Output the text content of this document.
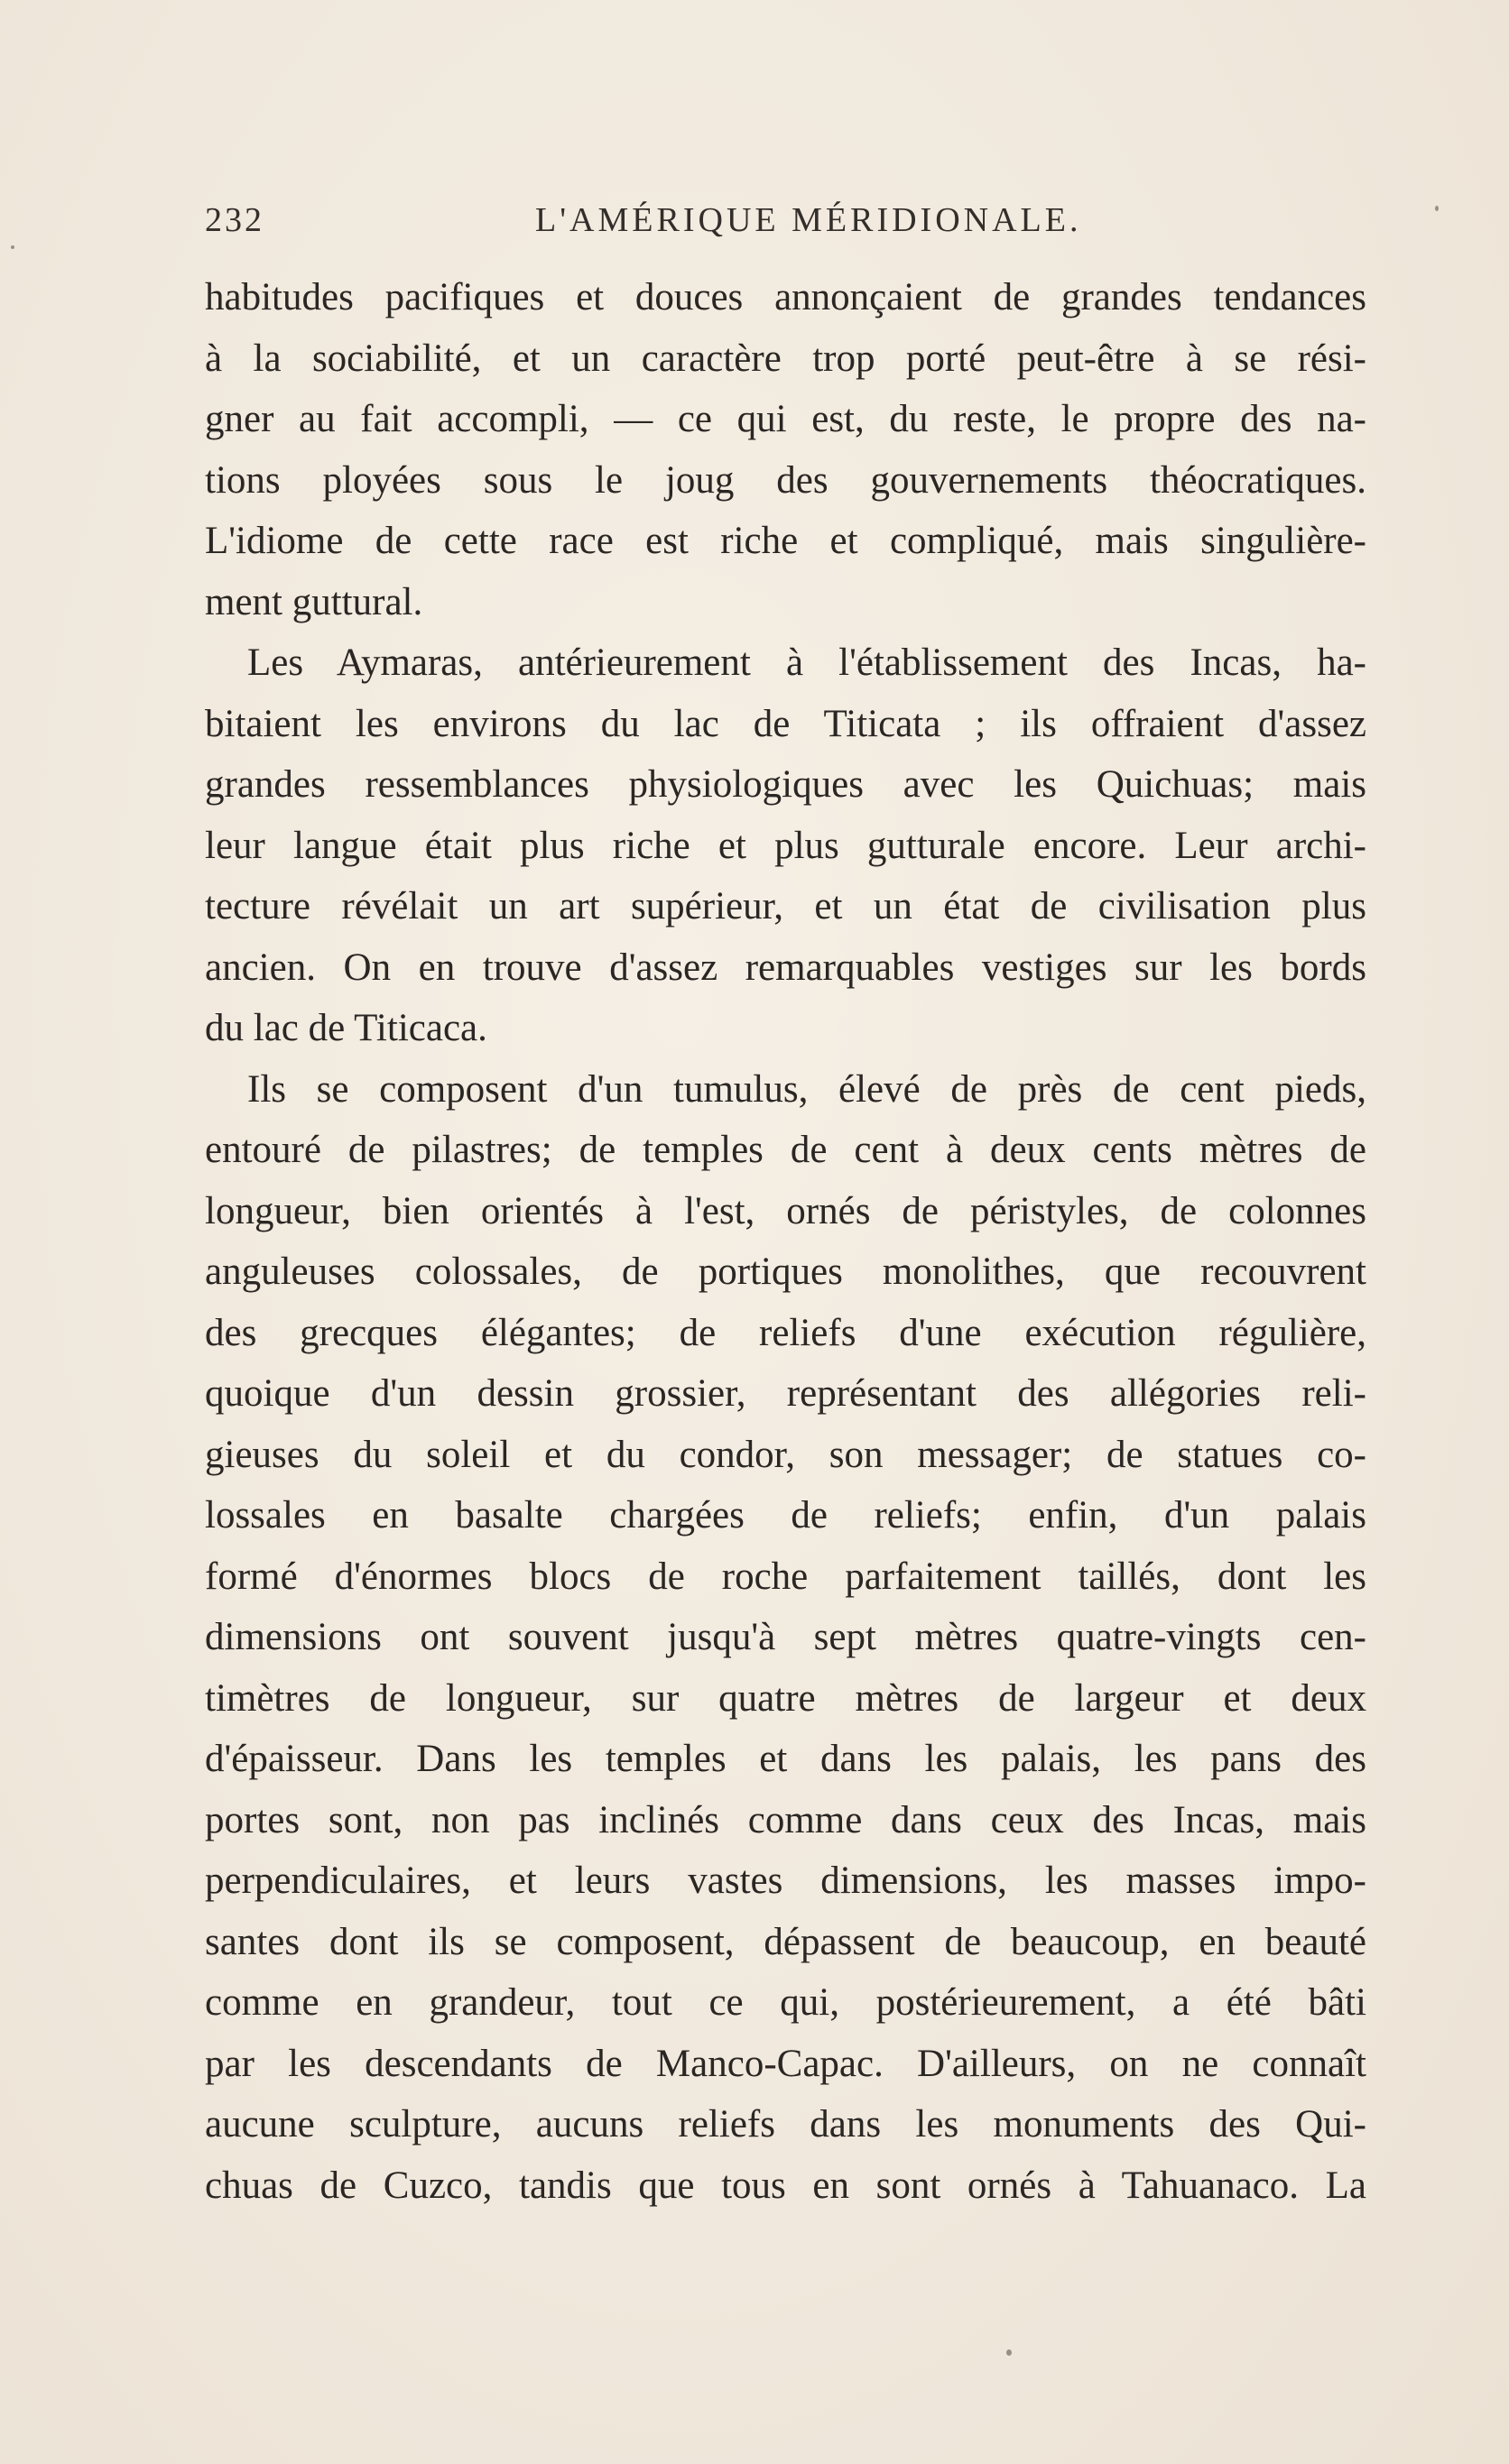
232	L'AMÉRIQUE MÉRIDIONALE.
habitudes pacifiques et douces annonçaient de grandes tendances
à la sociabilité, et un caractère trop porté peut-être à se rési-
gner au fait accompli, — ce qui est, du reste, le propre des na-
tions ployées sous le joug des gouvernements théocratiques.
L'idiome de cette race est riche et compliqué, mais singulière-
ment guttural.
Les Aymaras, antérieurement à l'établissement des Incas, ha-
bitaient les environs du lac de Titicata ; ils offraient d'assez
grandes ressemblances physiologiques avec les Quichuas; mais
leur langue était plus riche et plus gutturale encore. Leur archi-
tecture révélait un art supérieur, et un état de civilisation plus
ancien. On en trouve d'assez remarquables vestiges sur les bords
du lac de Titicaca.
Ils se composent d'un tumulus, élevé de près de cent pieds,
entouré de pilastres; de temples de cent à deux cents mètres de
longueur, bien orientés à l'est, ornés de péristyles, de colonnes
anguleuses colossales, de portiques monolithes, que recouvrent
des grecques élégantes; de reliefs d'une exécution régulière,
quoique d'un dessin grossier, représentant des allégories reli-
gieuses du soleil et du condor, son messager; de statues co-
lossales en basalte chargées de reliefs; enfin, d'un palais
formé d'énormes blocs de roche parfaitement taillés, dont les
dimensions ont souvent jusqu'à sept mètres quatre-vingts cen-
timètres de longueur, sur quatre mètres de largeur et deux
d'épaisseur. Dans les temples et dans les palais, les pans des
portes sont, non pas inclinés comme dans ceux des Incas, mais
perpendiculaires, et leurs vastes dimensions, les masses impo-
santes dont ils se composent, dépassent de beaucoup, en beauté
comme en grandeur, tout ce qui, postérieurement, a été bâti
par les descendants de Manco-Capac. D'ailleurs, on ne connaît
aucune sculpture, aucuns reliefs dans les monuments des Qui-
chuas de Cuzco, tandis que tous en sont ornés à Tahuanaco. La
